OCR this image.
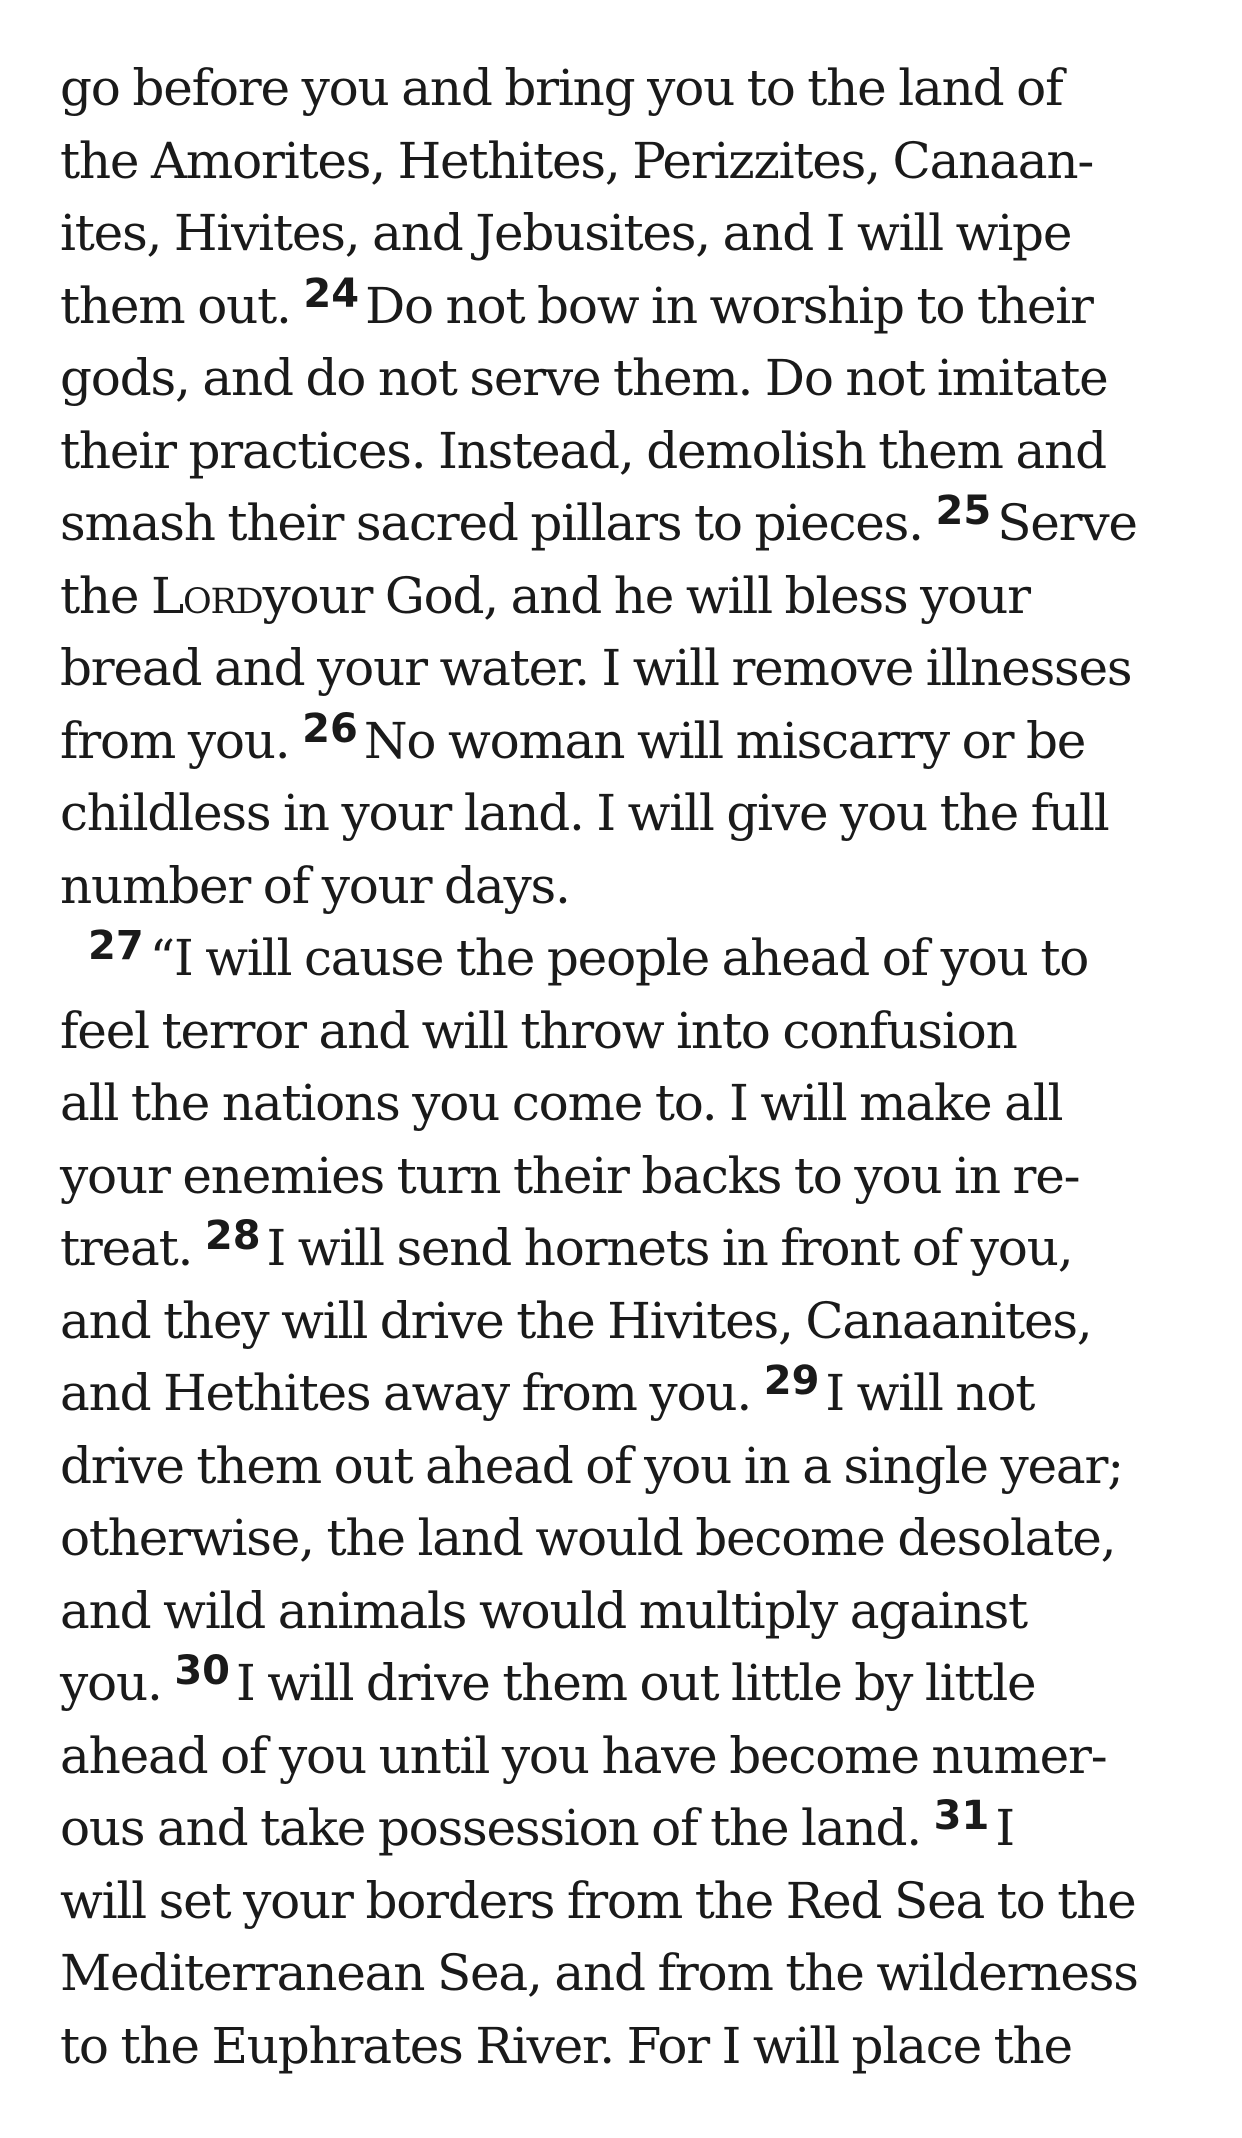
go before you and bring you to the land of
the Amorites, Hethites, Perizzites, Canaan-
ites, Hivites, and Jebusites, and I will wipe
them out. $^{24}$ Do not bow in worship to their
gods, and do not serve them. Do not imitate
their practices. Instead, demolish them and
smash their sacred pillars to pieces. $^{25}$ Serve
the Lordyour God, and he will bless your
bread and your water. I will remove illnesses
from you. $^{26}$ No woman will miscarry or be
childless in your land. I will give you the full
number of your days.
$^{27}$ “I will cause the people ahead of you to
feel terror and will throw into confusion
all the nations you come to. I will make all
your enemies turn their backs to you in re-
treat. $^{28}$ I will send hornets in front of you,
and they will drive the Hivites, Canaanites,
and Hethites away from you. $^{29}$ I will not
drive them out ahead of you in a single year;
otherwise, the land would become desolate,
and wild animals would multiply against
you. $^{30}$ I will drive them out little by little
ahead of you until you have become numer-
ous and take possession of the land. $^{31}$ I
will set your borders from the Red Sea to the
Mediterranean Sea, and from the wilderness
to the Euphrates River. For I will place the
